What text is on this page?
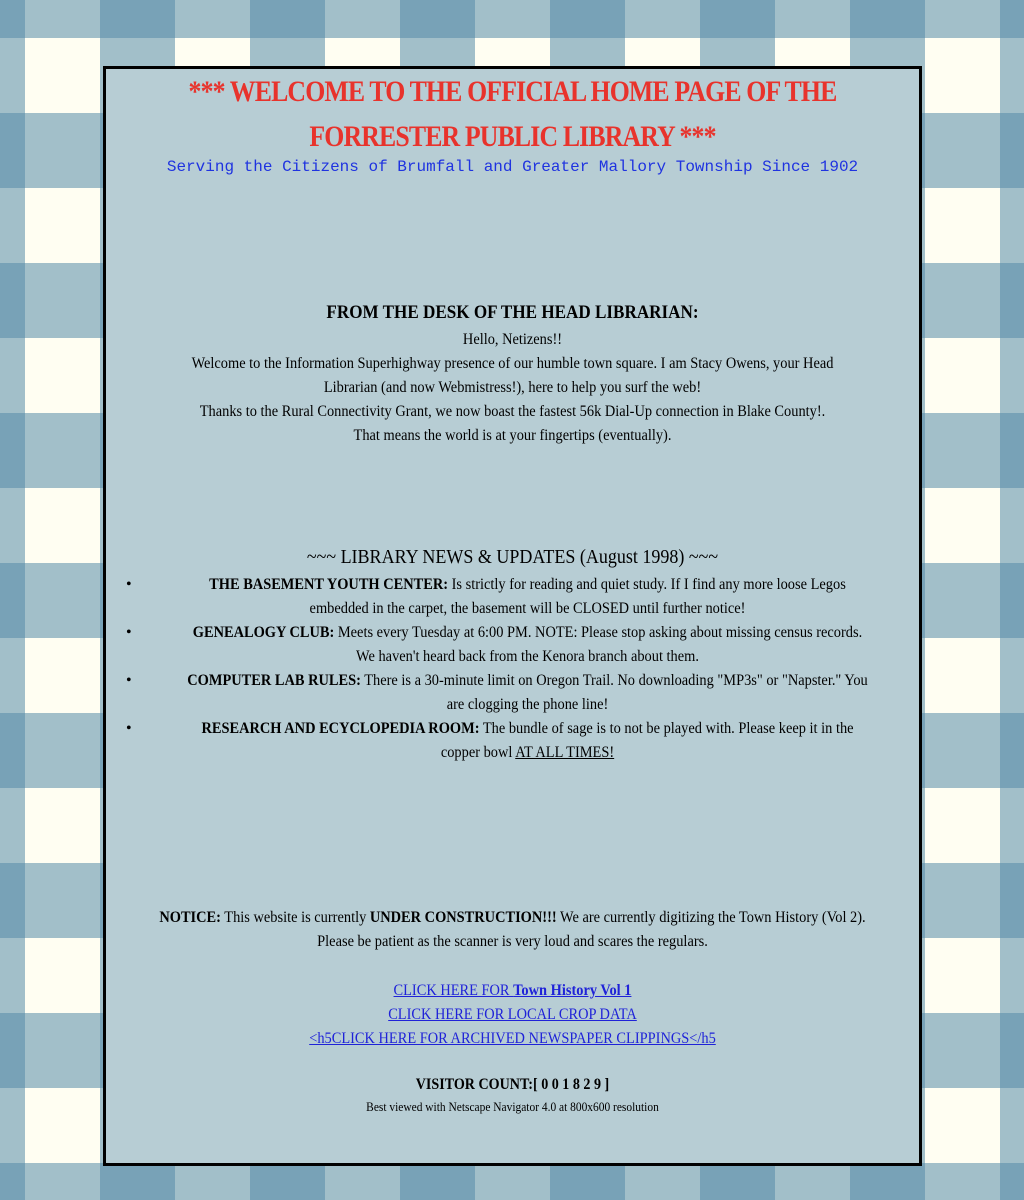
*** WELCOME TO THE OFFICIAL HOME PAGE OF THE FORRESTER PUBLIC LIBRARY ***
Serving the Citizens of Brumfall and Greater Mallory Township Since 1902
FROM THE DESK OF THE HEAD LIBRARIAN:

Hello, Netizens!!

Welcome to the Information Superhighway presence of our humble town square. I am Stacy Owens, your Head Librarian (and now Webmistress!), here to help you surf the web!

Thanks to the Rural Connectivity Grant, we now boast the fastest 56k Dial-Up connection in Blake County!.

That means the world is at your fingertips (eventually).

~~~ LIBRARY NEWS & UPDATES (August 1998) ~~~
•	THE BASEMENT YOUTH CENTER: Is strictly for reading and quiet study. If I find any more loose Legos embedded in the carpet, the basement will be CLOSED until further notice!
•	GENEALOGY CLUB: Meets every Tuesday at 6:00 PM. NOTE: Please stop asking about missing census records. We haven't heard back from the Kenora branch about them.
•	COMPUTER LAB RULES: There is a 30-minute limit on Oregon Trail. No downloading "MP3s" or "Napster." You are clogging the phone line!
•	RESEARCH AND ECYCLOPEDIA ROOM: The bundle of sage is to not be played with. Please keep it in the copper bowl AT ALL TIMES!
NOTICE: This website is currently UNDER CONSTRUCTION!!! We are currently digitizing the Town History (Vol 2). Please be patient as the scanner is very loud and scares the regulars.
CLICK HERE FOR Town History Vol 1
CLICK HERE FOR LOCAL CROP DATA
<h5CLICK HERE FOR ARCHIVED NEWSPAPER CLIPPINGS</h5
VISITOR COUNT:[ 0 0 1 8 2 9 ]
Best viewed with Netscape Navigator 4.0 at 800x600 resolution
